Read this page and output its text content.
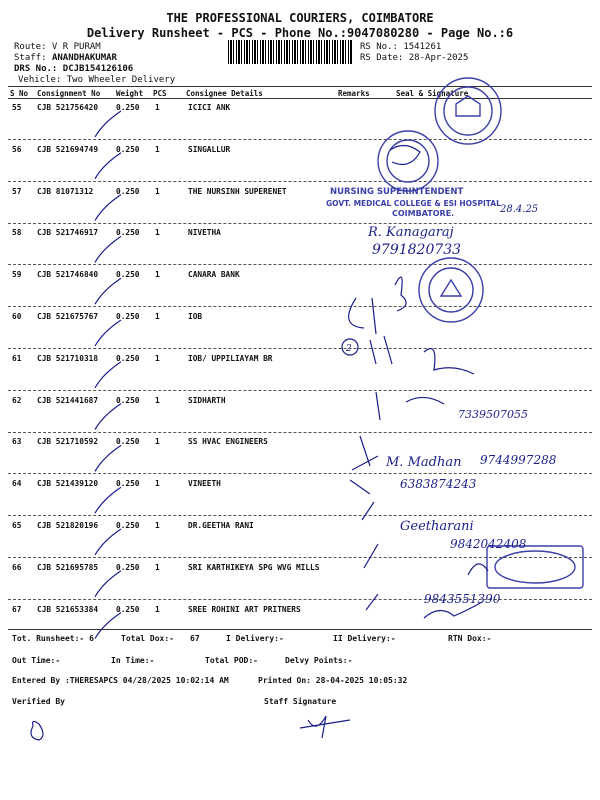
THE PROFESSIONAL COURIERS, COIMBATORE
Delivery Runsheet - PCS - Phone No.:9047080280 - Page No.:6
Route: V R PURAM
Staff: ANANDHAKUMAR
DRS No.: DCJB154126106
Vehicle: Two Wheeler Delivery
RS No.: 1541261
RS Date: 28-Apr-2025
S No Consignment No Weight PCS	Consignee Details	Remarks	Seal & Signature
55 CJB 521756420 0.250 1	ICICI ANK
56 CJB 521694749 0.250 1	SINGALLUR
57 CJB 81071312	0.250 1	THE NURSINH SUPERENET
58 CJB 521746917 0.250 1	NIVETHA
59 CJB 521746840 0.250 1	CANARA BANK
60 CJB 521675767 0.250 1	IOB
61 CJB 521710318 0.250 1	IOB/ UPPILIAYAM BR
62 CJB 521441687 0.250 1	SIDHARTH
63 CJB 521710592 0.250 1	SS HVAC ENGINEERS
64 CJB 521439120 0.250 1	VINEETH
65 CJB 521820196 0.250 1	DR.GEETHA RANI
66 CJB 521695785 0.250 1	SRI KARTHIKEYA SPG WVG MILLS
67 CJB 521653384 0.250 1	SREE ROHINI ART PRITNERS
Tot. Runsheet:- 6	Total Dox:- 67	I Delivery:-	II Delivery:-	RTN Dox:-
Out Time:-	In Time:-	Total POD:-	Delvy Points:-
Entered By :THERESAPCS 04/28/2025 10:02:14 AM	Printed On: 28-04-2025 10:05:32
Verified By	Staff Signature
NURSING SUPERINTENDENT
GOVT. MEDICAL COLLEGE & ESI HOSPITAL
COIMBATORE.	28.4.25
R. Kanagaraj
9791820733
2
7339507055
M. Madhan 9744997288
6383874243
Geetharani
9842042408
9843551390
